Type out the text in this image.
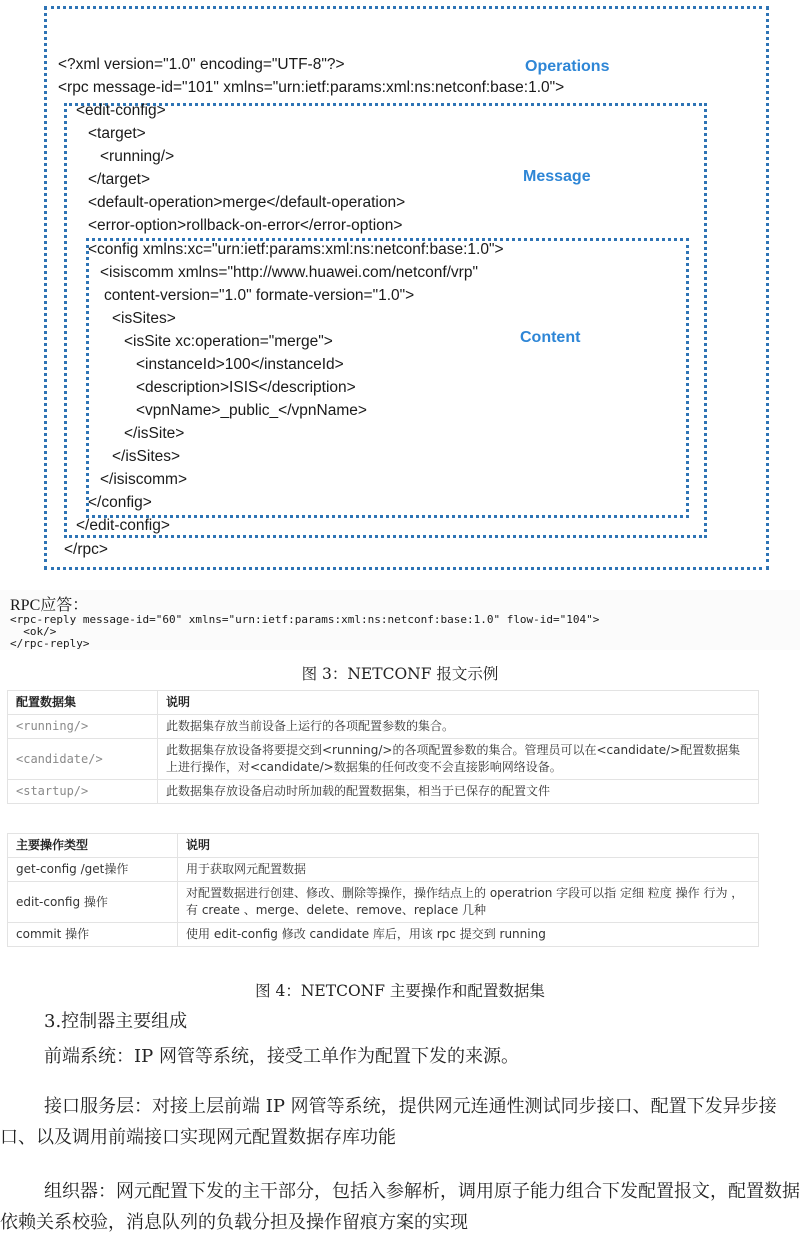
Operations
Message
Content
<?xml version="1.0" encoding="UTF-8"?>
<rpc message-id="101" xmlns="urn:ietf:params:xml:ns:netconf:base:1.0">
<edit-config>
<target>
<running/>
</target>
<default-operation>merge</default-operation>
<error-option>rollback-on-error</error-option>
<config xmlns:xc="urn:ietf:params:xml:ns:netconf:base:1.0">
<isiscomm xmlns="http://www.huawei.com/netconf/vrp"
content-version="1.0" formate-version="1.0">
<isSites>
<isSite xc:operation="merge">
<instanceId>100</instanceId>
<description>ISIS</description>
<vpnName>_public_</vpnName>
</isSite>
</isSites>
</isiscomm>
</config>
</edit-config>
</rpc>
RPC应答：
<rpc-reply message-id="60" xmlns="urn:ietf:params:xml:ns:netconf:base:1.0" flow-id="104">
<ok/>
</rpc-reply>
图 3：NETCONF 报文示例
配置数据集	说明
<running/>	此数据集存放当前设备上运行的各项配置参数的集合。
<candidate/>	此数据集存放设备将要提交到<running/>的各项配置参数的集合。管理员可以在<candidate/>配置数据集上进行操作，对<candidate/>数据集的任何改变不会直接影响网络设备。
<startup/>	此数据集存放设备启动时所加载的配置数据集，相当于已保存的配置文件
主要操作类型	说明
get-config /get操作	用于获取网元配置数据
edit-config 操作	对配置数据进行创建、修改、删除等操作，操作结点上的 operatrion 字段可以指 定细 粒度 操作 行为 ，有 create 、merge、delete、remove、replace 几种
commit 操作	使用 edit-config 修改 candidate 库后，用该 rpc 提交到 running
图 4：NETCONF 主要操作和配置数据集
3.控制器主要组成
前端系统：IP 网管等系统，接受工单作为配置下发的来源。
接口服务层：对接上层前端 IP 网管等系统，提供网元连通性测试同步接口、配置下发异步接口、以及调用前端接口实现网元配置数据存库功能
组织器：网元配置下发的主干部分，包括入参解析，调用原子能力组合下发配置报文，配置数据依赖关系校验，消息队列的负载分担及操作留痕方案的实现
